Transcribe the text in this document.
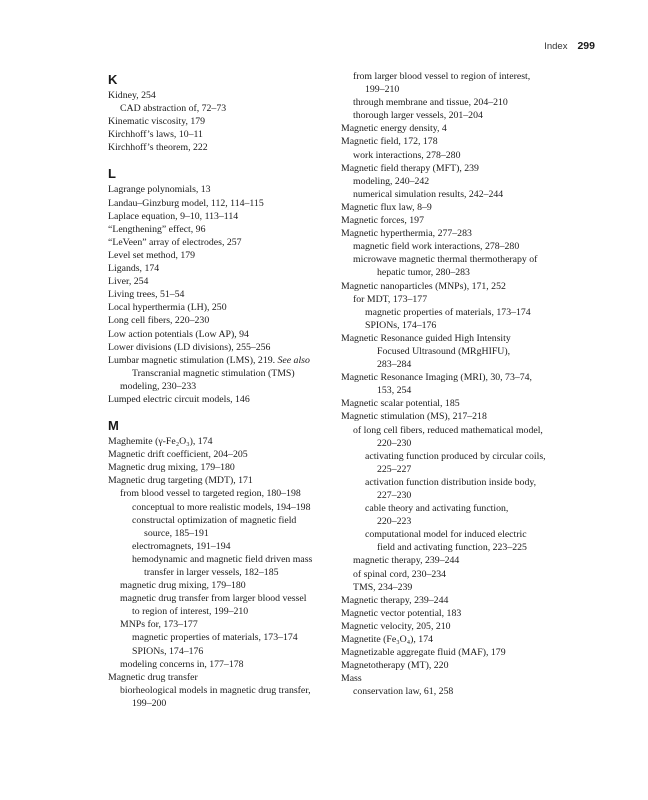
Index 299
K
Kidney, 254
CAD abstraction of, 72–73
Kinematic viscosity, 179
Kirchhoff’s laws, 10–11
Kirchhoff’s theorem, 222
L
Lagrange polynomials, 13
Landau–Ginzburg model, 112, 114–115
Laplace equation, 9–10, 113–114
“Lengthening” effect, 96
“LeVeen” array of electrodes, 257
Level set method, 179
Ligands, 174
Liver, 254
Living trees, 51–54
Local hyperthermia (LH), 250
Long cell fibers, 220–230
Low action potentials (Low AP), 94
Lower divisions (LD divisions), 255–256
Lumbar magnetic stimulation (LMS), 219. See also
Transcranial magnetic stimulation (TMS)
modeling, 230–233
Lumped electric circuit models, 146
M
Maghemite (γ-Fe₂O₃), 174
Magnetic drift coefficient, 204–205
Magnetic drug mixing, 179–180
Magnetic drug targeting (MDT), 171
from blood vessel to targeted region, 180–198
conceptual to more realistic models, 194–198
constructal optimization of magnetic field
source, 185–191
electromagnets, 191–194
hemodynamic and magnetic field driven mass
transfer in larger vessels, 182–185
magnetic drug mixing, 179–180
magnetic drug transfer from larger blood vessel
to region of interest, 199–210
MNPs for, 173–177
magnetic properties of materials, 173–174
SPIONs, 174–176
modeling concerns in, 177–178
Magnetic drug transfer
biorheological models in magnetic drug transfer,
199–200
from larger blood vessel to region of interest,
199–210
through membrane and tissue, 204–210
thorough larger vessels, 201–204
Magnetic energy density, 4
Magnetic field, 172, 178
work interactions, 278–280
Magnetic field therapy (MFT), 239
modeling, 240–242
numerical simulation results, 242–244
Magnetic flux law, 8–9
Magnetic forces, 197
Magnetic hyperthermia, 277–283
magnetic field work interactions, 278–280
microwave magnetic thermal thermotherapy of
hepatic tumor, 280–283
Magnetic nanoparticles (MNPs), 171, 252
for MDT, 173–177
magnetic properties of materials, 173–174
SPIONs, 174–176
Magnetic Resonance guided High Intensity
Focused Ultrasound (MRgHIFU),
283–284
Magnetic Resonance Imaging (MRI), 30, 73–74,
153, 254
Magnetic scalar potential, 185
Magnetic stimulation (MS), 217–218
of long cell fibers, reduced mathematical model,
220–230
activating function produced by circular coils,
225–227
activation function distribution inside body,
227–230
cable theory and activating function,
220–223
computational model for induced electric
field and activating function, 223–225
magnetic therapy, 239–244
of spinal cord, 230–234
TMS, 234–239
Magnetic therapy, 239–244
Magnetic vector potential, 183
Magnetic velocity, 205, 210
Magnetite (Fe₃O₄), 174
Magnetizable aggregate fluid (MAF), 179
Magnetotherapy (MT), 220
Mass
conservation law, 61, 258
